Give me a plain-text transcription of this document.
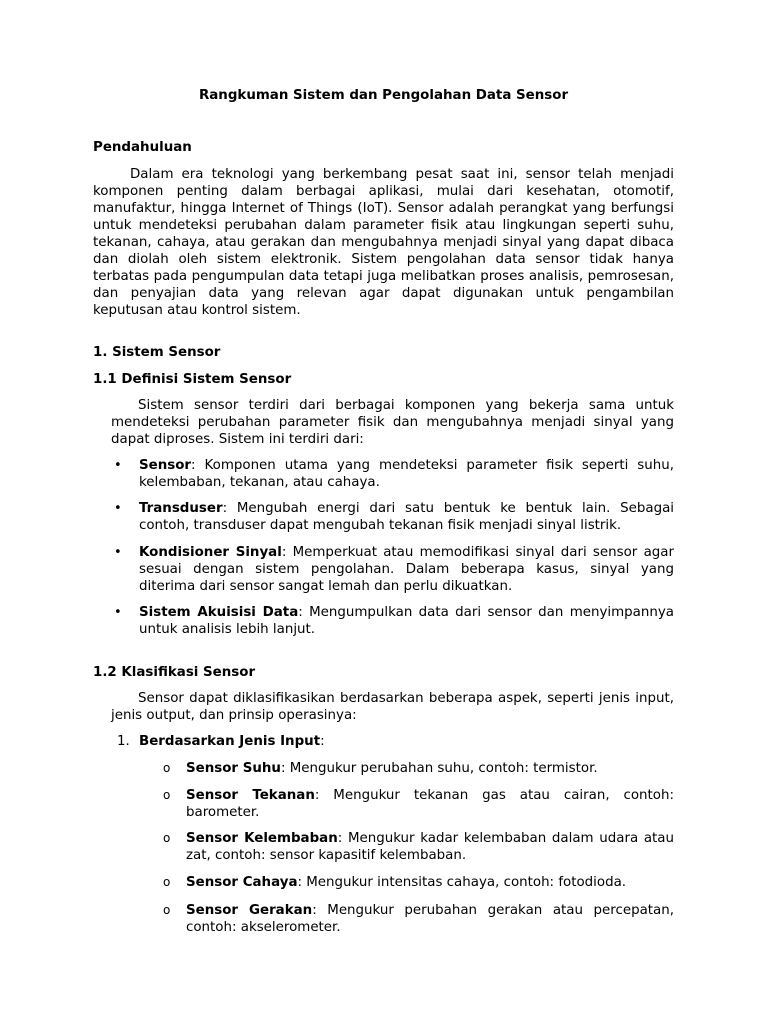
Rangkuman Sistem dan Pengolahan Data Sensor
Pendahuluan

Dalam era teknologi yang berkembang pesat saat ini, sensor telah menjadi komponen penting dalam berbagai aplikasi, mulai dari kesehatan, otomotif, manufaktur, hingga Internet of Things (IoT). Sensor adalah perangkat yang berfungsi untuk mendeteksi perubahan dalam parameter fisik atau lingkungan seperti suhu, tekanan, cahaya, atau gerakan dan mengubahnya menjadi sinyal yang dapat dibaca dan diolah oleh sistem elektronik. Sistem pengolahan data sensor tidak hanya terbatas pada pengumpulan data tetapi juga melibatkan proses analisis, pemrosesan, dan penyajian data yang relevan agar dapat digunakan untuk pengambilan keputusan atau kontrol sistem.

1. Sistem Sensor
1.1 Definisi Sistem Sensor

Sistem sensor terdiri dari berbagai komponen yang bekerja sama untuk mendeteksi perubahan parameter fisik dan mengubahnya menjadi sinyal yang dapat diproses. Sistem ini terdiri dari:

• Sensor: Komponen utama yang mendeteksi parameter fisik seperti suhu, kelembaban, tekanan, atau cahaya.
• Transduser: Mengubah energi dari satu bentuk ke bentuk lain. Sebagai contoh, transduser dapat mengubah tekanan fisik menjadi sinyal listrik.
• Kondisioner Sinyal: Memperkuat atau memodifikasi sinyal dari sensor agar sesuai dengan sistem pengolahan. Dalam beberapa kasus, sinyal yang diterima dari sensor sangat lemah dan perlu dikuatkan.
• Sistem Akuisisi Data: Mengumpulkan data dari sensor dan menyimpannya untuk analisis lebih lanjut.
1.2 Klasifikasi Sensor

Sensor dapat diklasifikasikan berdasarkan beberapa aspek, seperti jenis input, jenis output, dan prinsip operasinya:

1. Berdasarkan Jenis Input:
o Sensor Suhu: Mengukur perubahan suhu, contoh: termistor.
o Sensor Tekanan: Mengukur tekanan gas atau cairan, contoh: barometer.
o Sensor Kelembaban: Mengukur kadar kelembaban dalam udara atau zat, contoh: sensor kapasitif kelembaban.
o Sensor Cahaya: Mengukur intensitas cahaya, contoh: fotodioda.
o Sensor Gerakan: Mengukur perubahan gerakan atau percepatan, contoh: akselerometer.
